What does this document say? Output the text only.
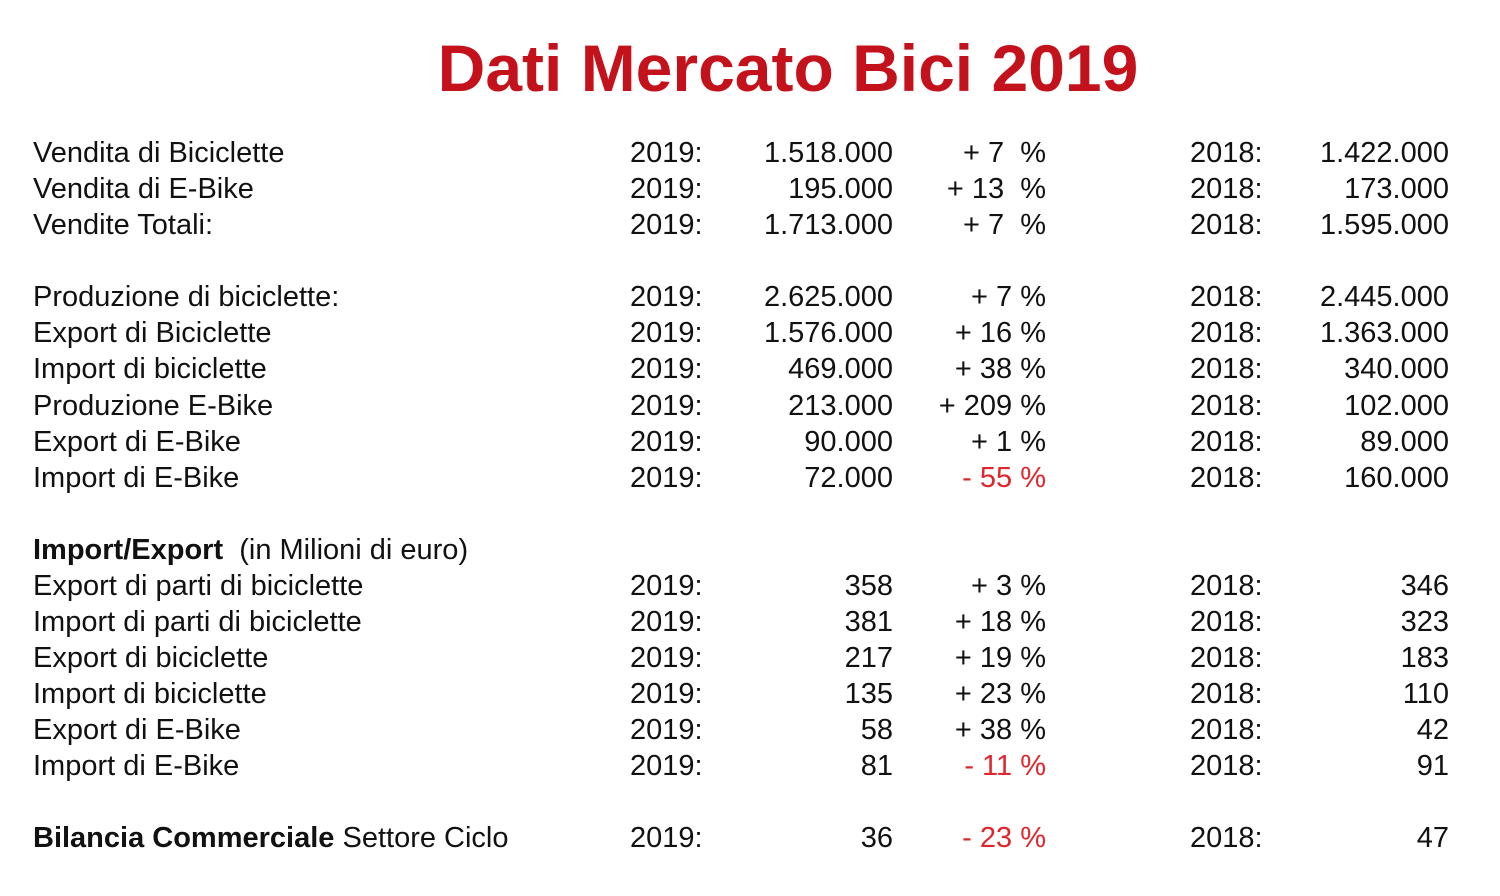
Dati Mercato Bici 2019
Vendita di Biciclette	2019: 1.518.000 + 7  %	2018: 1.422.000
Vendita di E-Bike	2019:	195.000 + 13  %	2018:	173.000
Vendite Totali:	2019: 1.713.000 + 7  %	2018: 1.595.000
Produzione di biciclette:	2019: 2.625.000	+ 7 %	2018: 2.445.000
Export di Biciclette	2019: 1.576.000 + 16 %	2018: 1.363.000
Import di biciclette	2019:	469.000 + 38 %	2018:	340.000
Produzione E-Bike	2019:	213.000 + 209 %	2018:	102.000
Export di E-Bike	2019:	90.000	+ 1 %	2018:	89.000
Import di E-Bike	2019:	72.000 - 55 %	2018:	160.000
Import/Export  (in Milioni di euro)
Export di parti di biciclette	2019:	358	+ 3 %	2018:	346
Import di parti di biciclette	2019:	381 + 18 %	2018:	323
Export di biciclette	2019:	217 + 19 %	2018:	183
Import di biciclette	2019:	135 + 23 %	2018:	110
Export di E-Bike	2019:	58 + 38 %	2018:	42
Import di E-Bike	2019:	81 - 11 %	2018:	91
Bilancia Commerciale Settore Ciclo	2019:	36 - 23 %	2018:	47
